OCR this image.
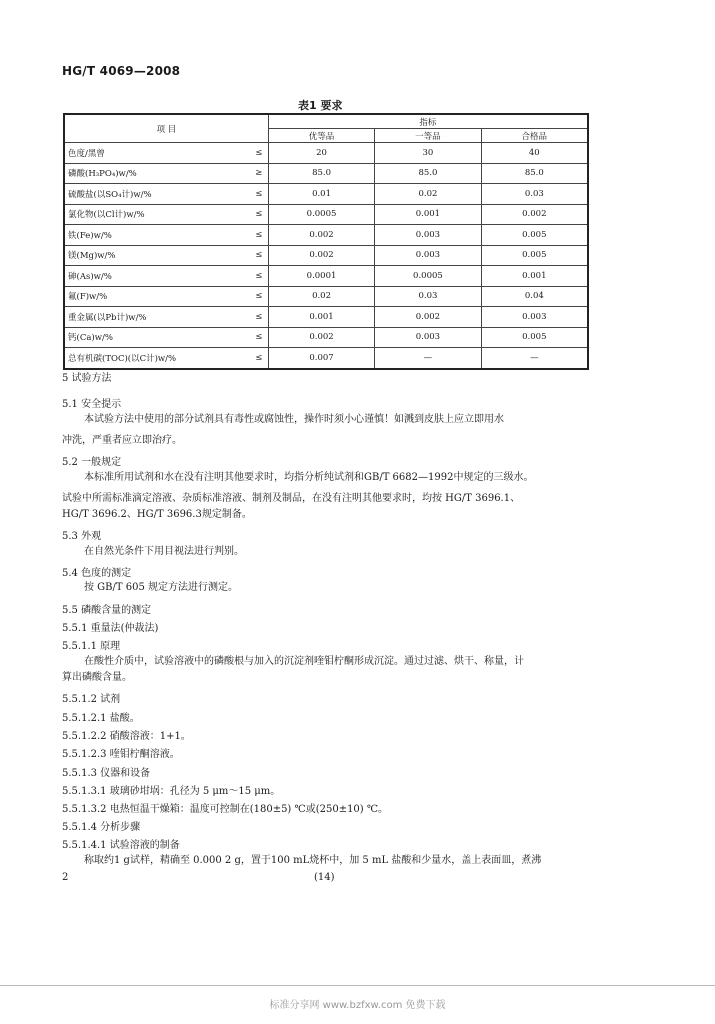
HG/T 4069—2008
表1 要求
项 目		指标		
		优等品	一等品	合格品
色度/黑曾	≤	20	30	40
磷酸(H₃PO₄)w/%	≥	85.0	85.0	85.0
硫酸盐(以SO₄计)w/%	≤	0.01	0.02	0.03
氯化物(以Cl计)w/%	≤	0.0005	0.001	0.002
铁(Fe)w/%	≤	0.002	0.003	0.005
镁(Mg)w/%	≤	0.002	0.003	0.005
砷(As)w/%	≤	0.0001	0.0005	0.001
氟(F)w/%	≤	0.02	0.03	0.04
重金属(以Pb计)w/%	≤	0.001	0.002	0.003
钙(Ca)w/%	≤	0.002	0.003	0.005
总有机碳(TOC)(以C计)w/%	≤	0.007	—	—
5 试验方法
5.1 安全提示
本试验方法中使用的部分试剂具有毒性或腐蚀性，操作时须小心谨慎！如溅到皮肤上应立即用水
冲洗，严重者应立即治疗。
5.2 一般规定
本标准所用试剂和水在没有注明其他要求时，均指分析纯试剂和GB/T 6682—1992中规定的三级水。
试验中所需标准滴定溶液、杂质标准溶液、制剂及制品，在没有注明其他要求时，均按 HG/T 3696.1、
HG/T 3696.2、HG/T 3696.3规定制备。
5.3 外观
在自然光条件下用目视法进行判别。
5.4 色度的测定
按 GB/T 605 规定方法进行测定。
5.5 磷酸含量的测定
5.5.1 重量法(仲裁法)
5.5.1.1 原理
在酸性介质中，试验溶液中的磷酸根与加入的沉淀剂喹钼柠酮形成沉淀。通过过滤、烘干、称量，计
算出磷酸含量。
5.5.1.2 试剂
5.5.1.2.1 盐酸。
5.5.1.2.2 硝酸溶液：1+1。
5.5.1.2.3 喹钼柠酮溶液。
5.5.1.3 仪器和设备
5.5.1.3.1 玻璃砂坩埚：孔径为 5 μm～15 μm。
5.5.1.3.2 电热恒温干燥箱：温度可控制在(180±5) ℃或(250±10) ℃。
5.5.1.4 分析步骤
5.5.1.4.1 试验溶液的制备
称取约1 g试样，精确至 0.000 2 g，置于100 mL烧杯中，加 5 mL 盐酸和少量水，盖上表面皿，煮沸
2	(14)
标准分享网 www.bzfxw.com 免费下载
